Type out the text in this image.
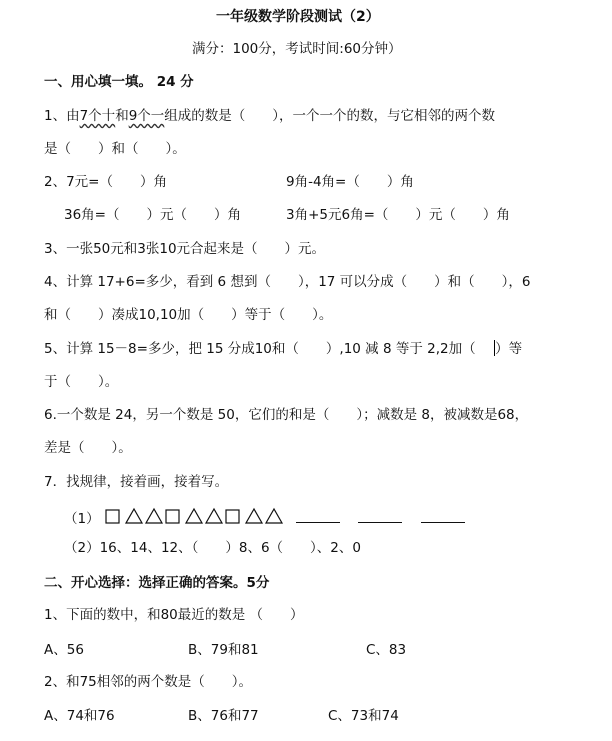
一年级数学阶段测试（2）
满分：100分，考试时间:60分钟）
一、用心填一填。 24 分
1、由7个十和9个一组成的数是（　　），一个一个的数，与它相邻的两个数
是（　　）和（　　）。
2、7元=（　　）角	9角-4角=（　　）角
36角=（　　）元（　　）角	3角+5元6角=（　　）元（　　）角
3、一张50元和3张10元合起来是（　　）元。
4、计算 17+6=多少，看到 6 想到（　　），17 可以分成（　　）和（　　），6
和（　　）凑成10,10加（　　）等于（　　）。
5、计算 15－8=多少，把 15 分成10和（　　）,10 减 8 等于 2,2加（ ）等
于（　　）。
6.一个数是 24，另一个数是 50，它们的和是（　　）；减数是 8，被减数是68，
差是（　　）。
7．找规律，接着画，接着写。
（1）
（2）16、14、12、（　　）8、6（　　）、2、0
二、开心选择：选择正确的答案。5分
1、下面的数中，和80最近的数是 （　　）
A、56	B、79和81	C、83
2、和75相邻的两个数是（　　）。
A、74和76	B、76和77	C、73和74
